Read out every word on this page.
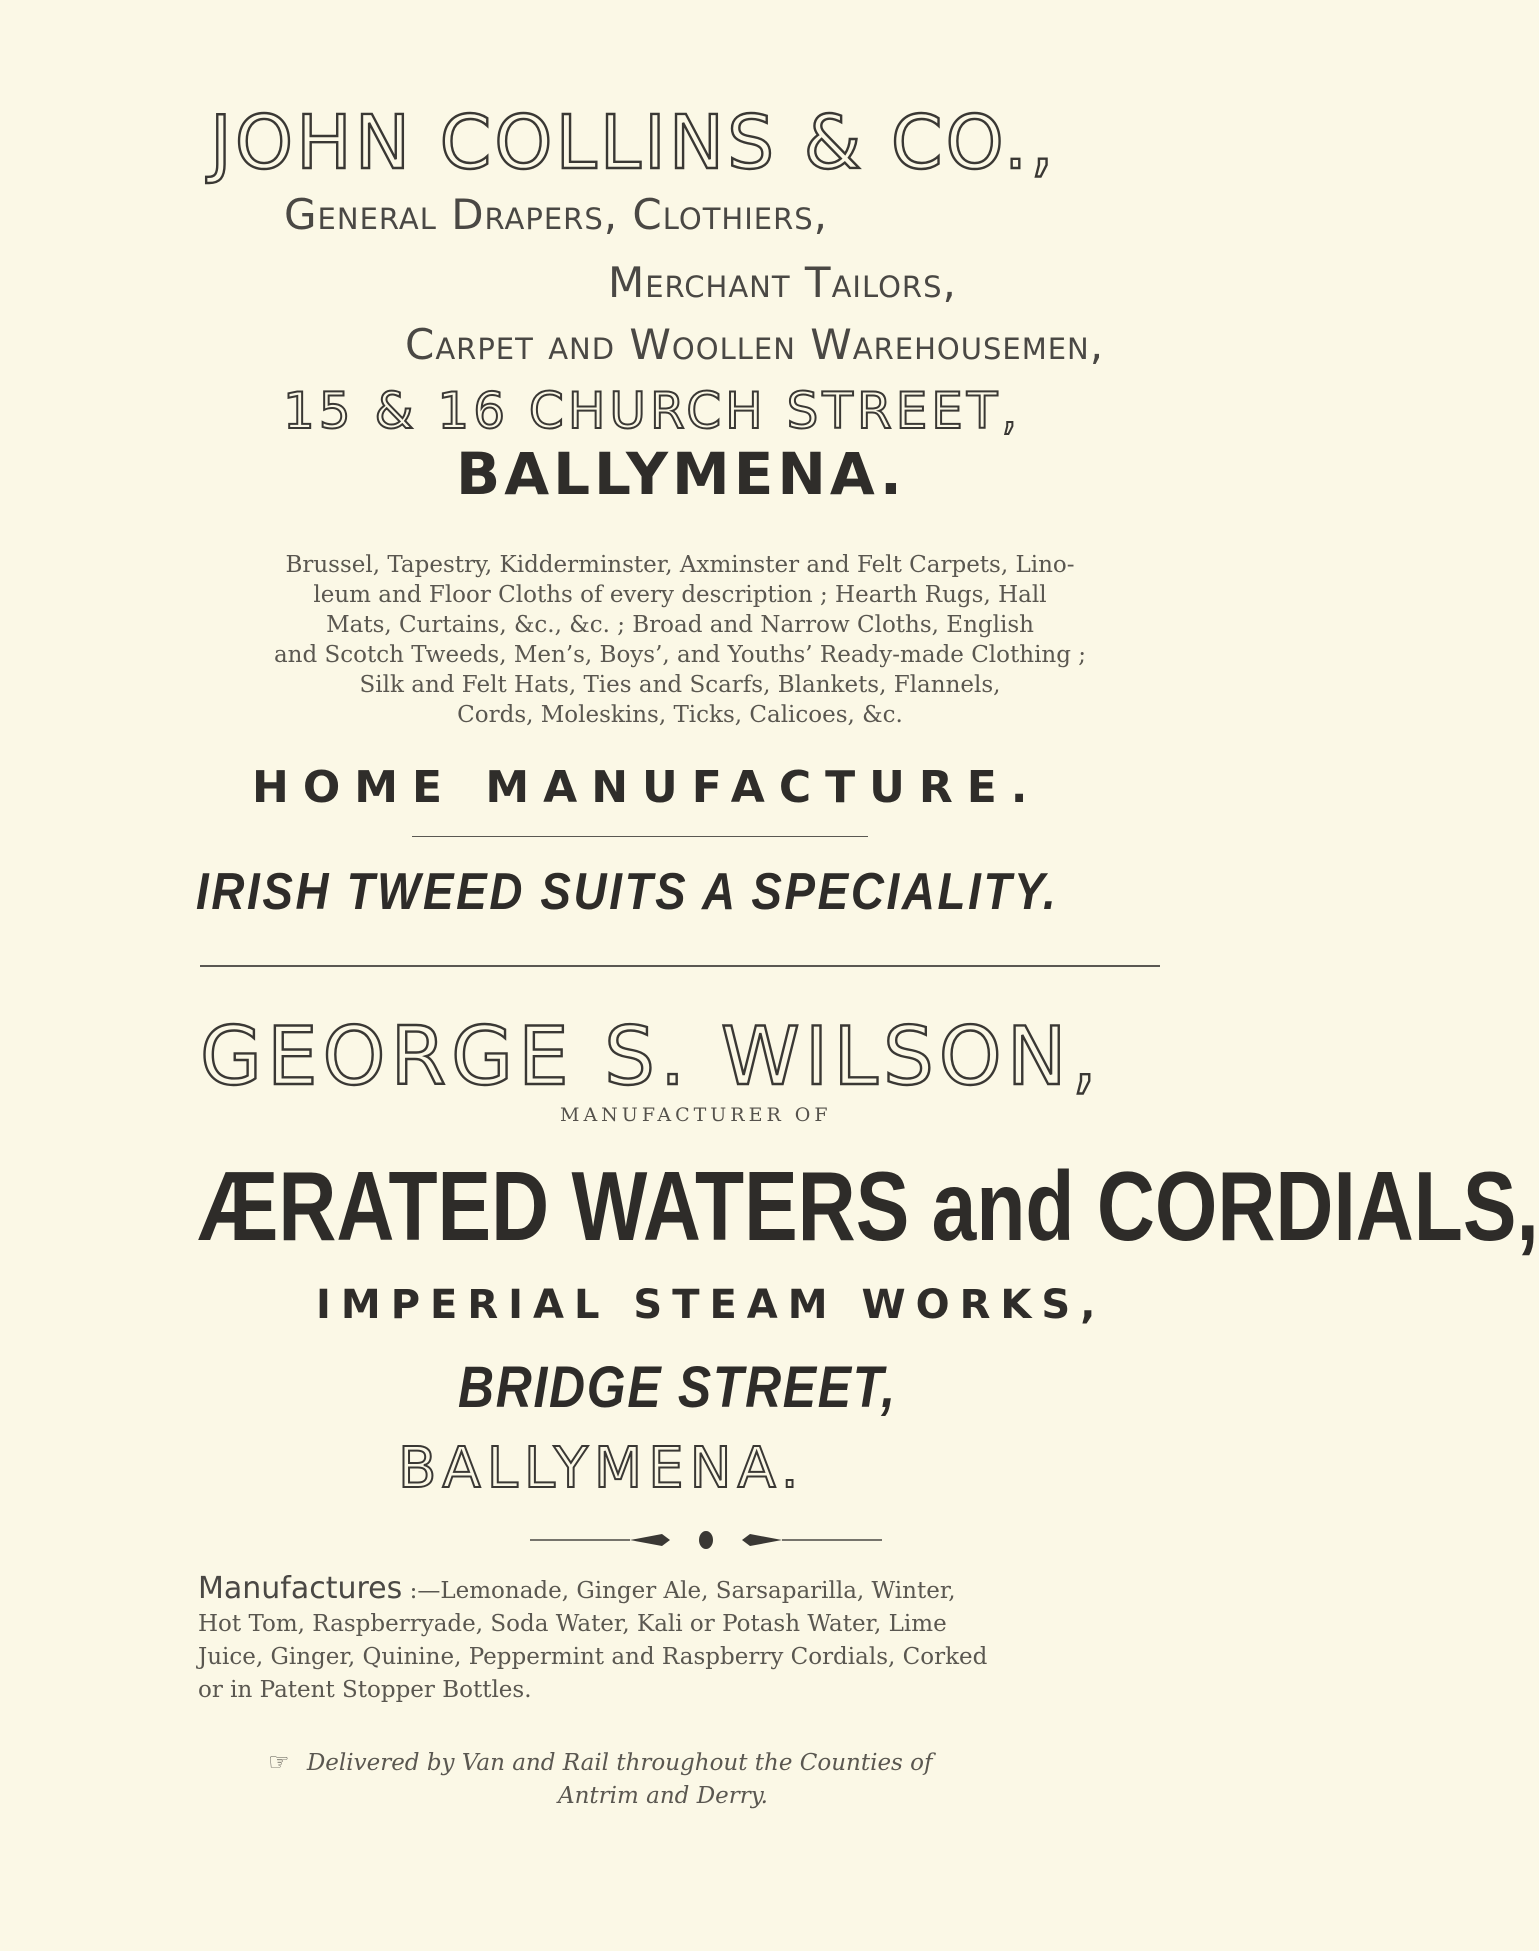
JOHN COLLINS & CO.,
General Drapers, Clothiers,
Merchant Tailors,
Carpet and Woollen Warehousemen,
15 & 16 CHURCH STREET,
BALLYMENA.
Brussel, Tapestry, Kidderminster, Axminster and Felt Carpets, Lino-
leum and Floor Cloths of every description ; Hearth Rugs, Hall
Mats, Curtains, &c., &c. ; Broad and Narrow Cloths, English
and Scotch Tweeds, Men’s, Boys’, and Youths’ Ready-made Clothing ;
Silk and Felt Hats, Ties and Scarfs, Blankets, Flannels,
Cords, Moleskins, Ticks, Calicoes, &c.
HOME MANUFACTURE.
IRISH TWEED SUITS A SPECIALITY.
GEORGE S. WILSON,
MANUFACTURER OF
ÆRATED WATERS and CORDIALS,
IMPERIAL STEAM WORKS,
BRIDGE STREET,
BALLYMENA.
Manufactures :—Lemonade, Ginger Ale, Sarsaparilla, Winter,
Hot Tom, Raspberryade, Soda Water, Kali or Potash Water, Lime
Juice, Ginger, Quinine, Peppermint and Raspberry Cordials, Corked
or in Patent Stopper Bottles.
☞ Delivered by Van and Rail throughout the Counties of
Antrim and Derry.
